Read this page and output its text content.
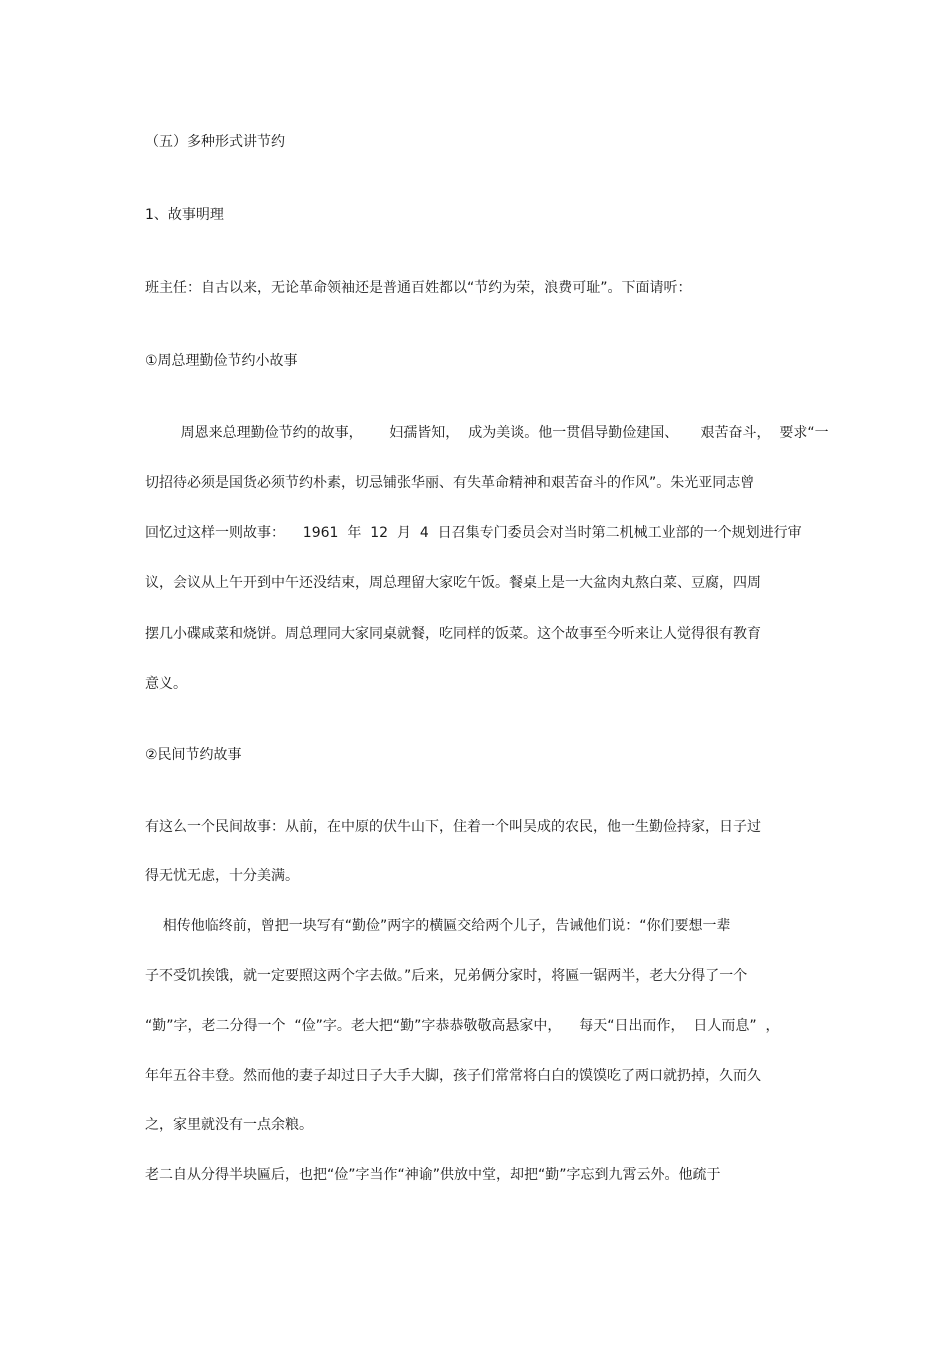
（五）多种形式讲节约

1、故事明理

班主任：自古以来，无论革命领袖还是普通百姓都以“节约为荣，浪费可耻”。下面请听：

①周总理勤俭节约小故事

周恩来总理勤俭节约的故事，      妇孺皆知，  成为美谈。他一贯倡导勤俭建国、     艰苦奋斗，  要求“一

切招待必须是国货必须节约朴素，切忌铺张华丽、有失革命精神和艰苦奋斗的作风”。朱光亚同志曾

回忆过这样一则故事：    1961  年  12  月  4  日召集专门委员会对当时第二机械工业部的一个规划进行审

议，会议从上午开到中午还没结束，周总理留大家吃午饭。餐桌上是一大盆肉丸熬白菜、豆腐，四周

摆几小碟咸菜和烧饼。周总理同大家同桌就餐，吃同样的饭菜。这个故事至今听来让人觉得很有教育

意义。

②民间节约故事

有这么一个民间故事：从前，在中原的伏牛山下，住着一个叫吴成的农民，他一生勤俭持家，日子过

得无忧无虑，十分美满。

相传他临终前，曾把一块写有“勤俭”两字的横匾交给两个儿子，告诫他们说：“你们要想一辈

子不受饥挨饿，就一定要照这两个字去做。”后来，兄弟俩分家时，将匾一锯两半，老大分得了一个

“勤”字，老二分得一个  “俭”字。老大把“勤”字恭恭敬敬高悬家中，    每天“日出而作，  日人而息”  ，

年年五谷丰登。然而他的妻子却过日子大手大脚，孩子们常常将白白的馍馍吃了两口就扔掉，久而久

之，家里就没有一点余粮。

老二自从分得半块匾后，也把“俭”字当作“神谕”供放中堂，却把“勤”字忘到九霄云外。他疏于
